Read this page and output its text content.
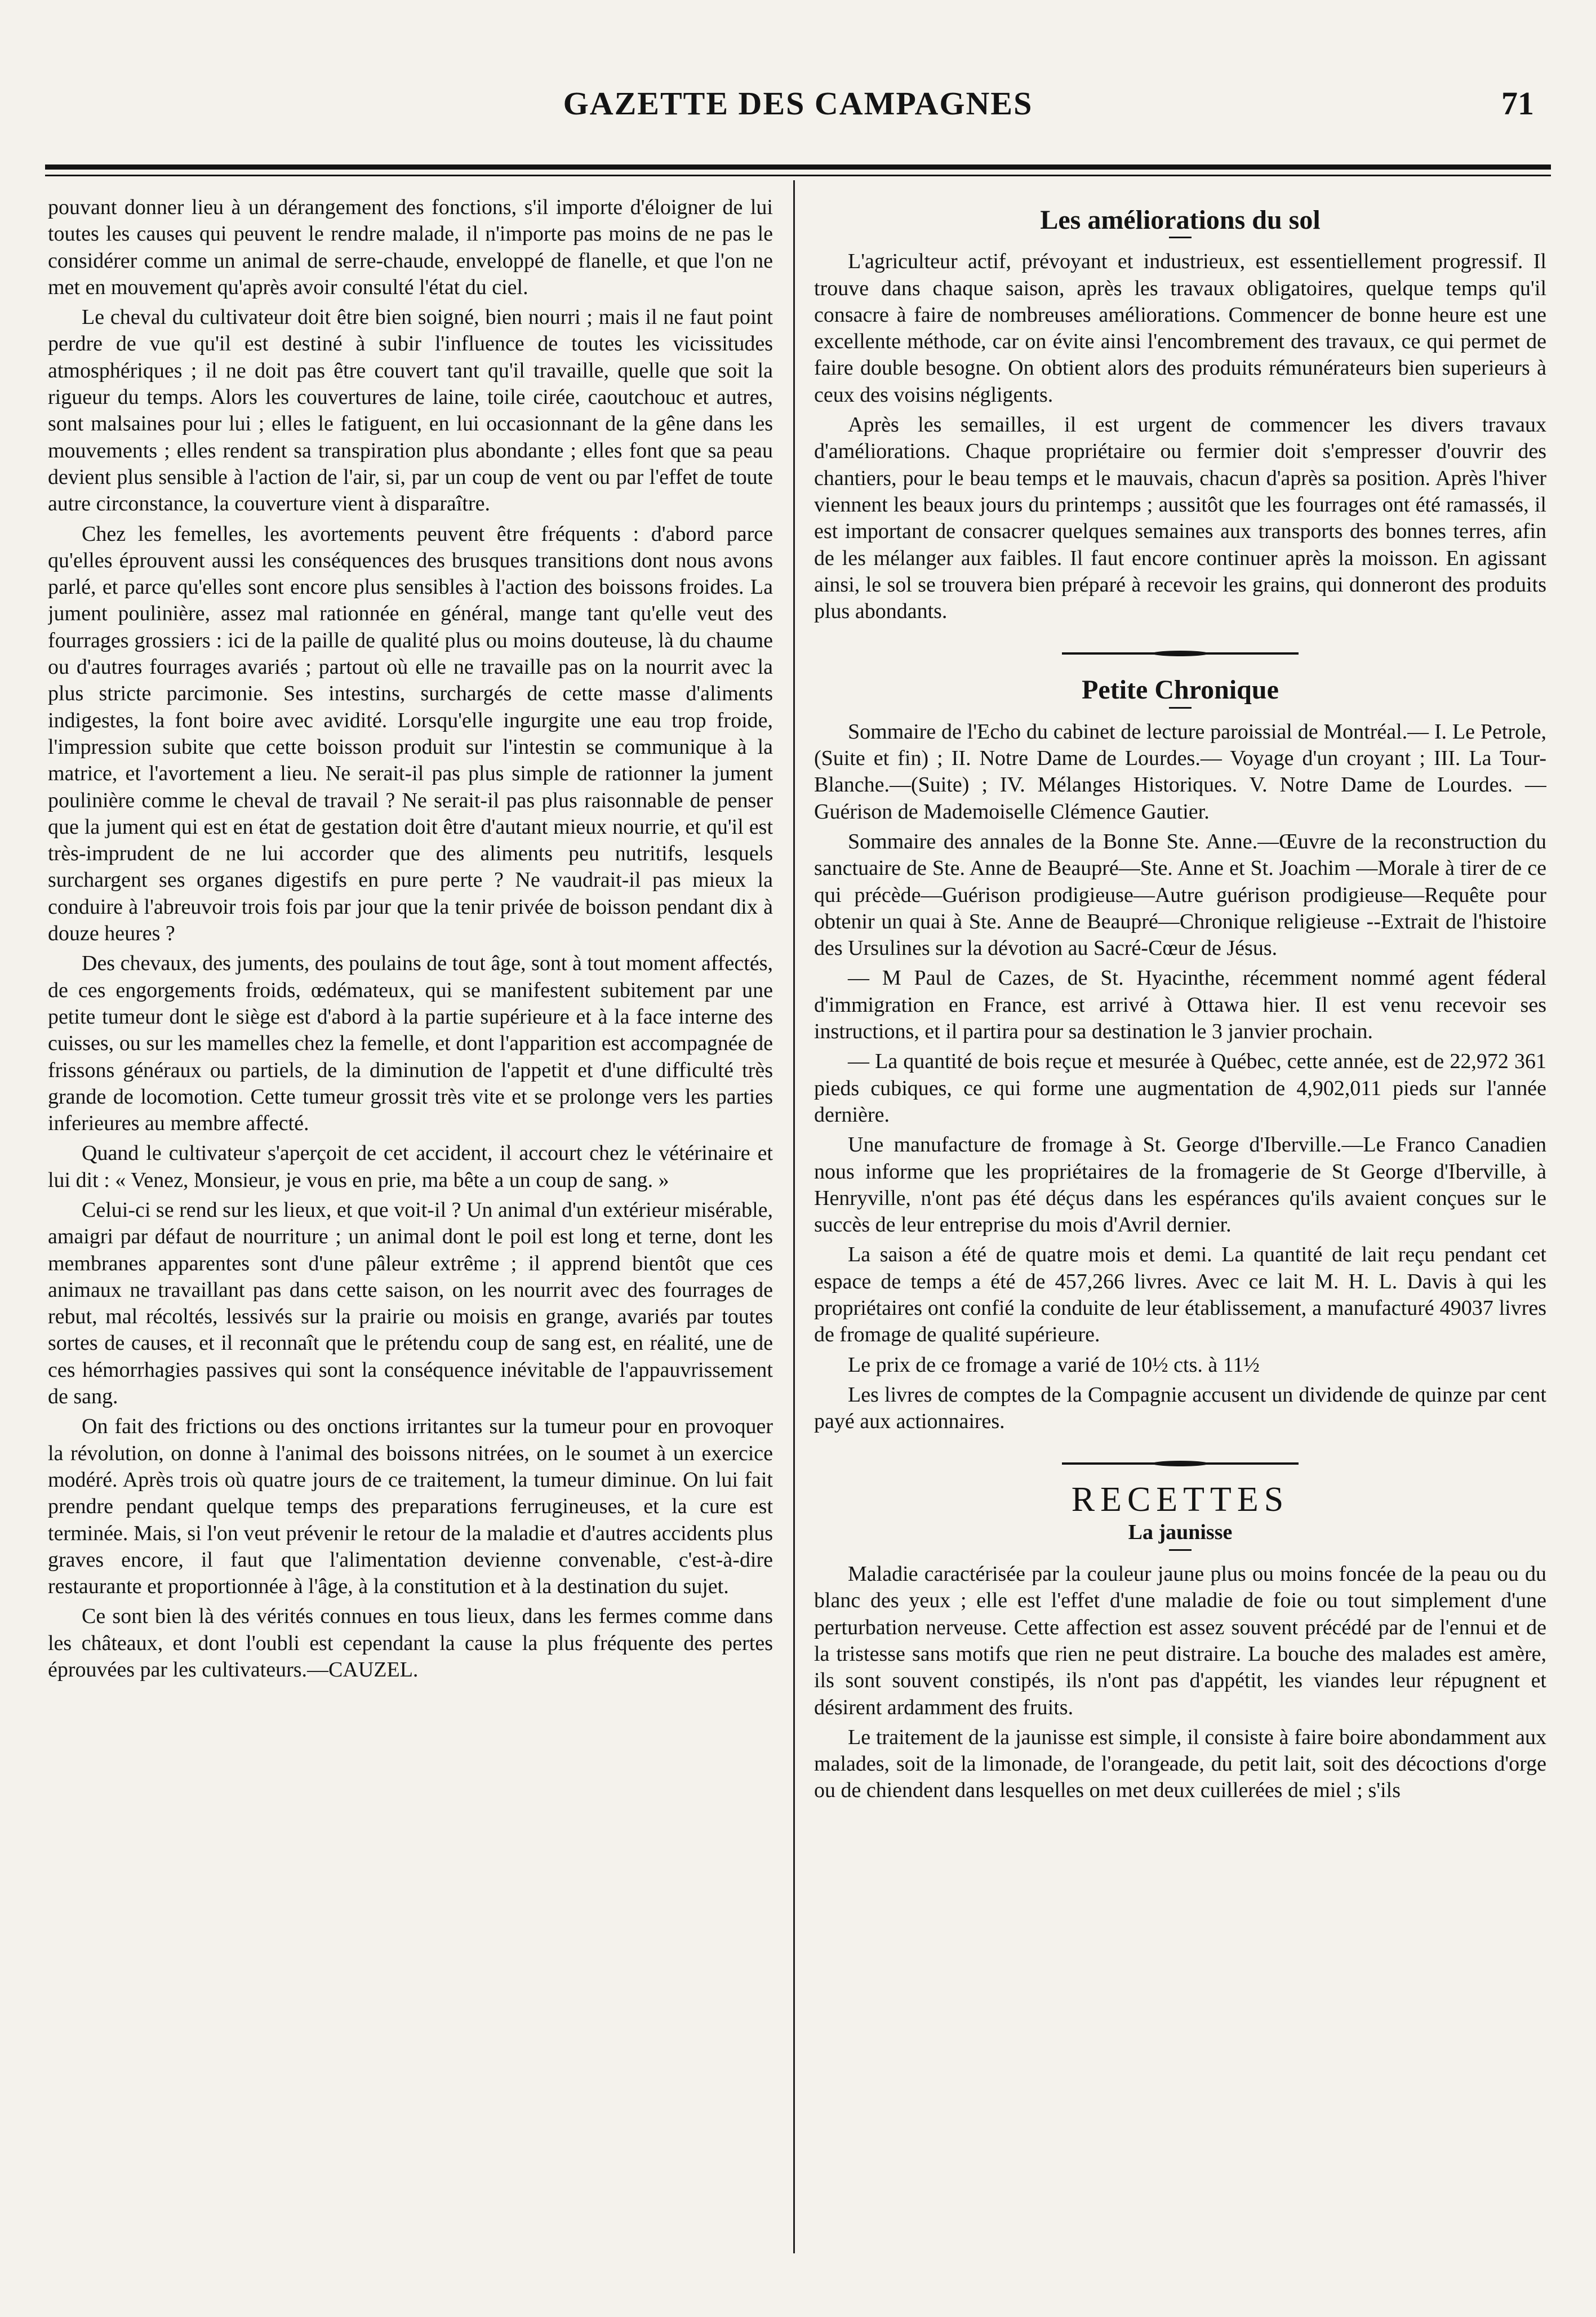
GAZETTE DES CAMPAGNES	71

pouvant donner lieu à un dérangement des fonctions, s'il importe d'éloigner de lui toutes les causes qui peuvent le rendre malade, il n'importe pas moins de ne pas le considérer comme un animal de serre-chaude, enveloppé de flanelle, et que l'on ne met en mouvement qu'après avoir consulté l'état du ciel.

Le cheval du cultivateur doit être bien soigné, bien nourri ; mais il ne faut point perdre de vue qu'il est destiné à subir l'influence de toutes les vicissitudes atmosphériques ; il ne doit pas être couvert tant qu'il travaille, quelle que soit la rigueur du temps. Alors les couvertures de laine, toile cirée, caoutchouc et autres, sont malsaines pour lui ; elles le fatiguent, en lui occasionnant de la gêne dans les mouvements ; elles rendent sa transpiration plus abondante ; elles font que sa peau devient plus sensible à l'action de l'air, si, par un coup de vent ou par l'effet de toute autre circonstance, la couverture vient à disparaître.

Chez les femelles, les avortements peuvent être fréquents : d'abord parce qu'elles éprouvent aussi les conséquences des brusques transitions dont nous avons parlé, et parce qu'elles sont encore plus sensibles à l'action des boissons froides. La jument poulinière, assez mal rationnée en général, mange tant qu'elle veut des fourrages grossiers : ici de la paille de qualité plus ou moins douteuse, là du chaume ou d'autres fourrages avariés ; partout où elle ne travaille pas on la nourrit avec la plus stricte parcimonie. Ses intestins, surchargés de cette masse d'aliments indigestes, la font boire avec avidité. Lorsqu'elle ingurgite une eau trop froide, l'impression subite que cette boisson produit sur l'intestin se communique à la matrice, et l'avortement a lieu. Ne serait-il pas plus simple de rationner la jument poulinière comme le cheval de travail ? Ne serait-il pas plus raisonnable de penser que la jument qui est en état de gestation doit être d'autant mieux nourrie, et qu'il est très-imprudent de ne lui accorder que des aliments peu nutritifs, lesquels surchargent ses organes digestifs en pure perte ? Ne vaudrait-il pas mieux la conduire à l'abreuvoir trois fois par jour que la tenir privée de boisson pendant dix à douze heures ?

Des chevaux, des juments, des poulains de tout âge, sont à tout moment affectés, de ces engorgements froids, œdémateux, qui se manifestent subitement par une petite tumeur dont le siège est d'abord à la partie supérieure et à la face interne des cuisses, ou sur les mamelles chez la femelle, et dont l'apparition est accompagnée de frissons généraux ou partiels, de la diminution de l'appetit et d'une difficulté très grande de locomotion. Cette tumeur grossit très vite et se prolonge vers les parties inferieures au membre affecté.

Quand le cultivateur s'aperçoit de cet accident, il accourt chez le vétérinaire et lui dit : « Venez, Monsieur, je vous en prie, ma bête a un coup de sang. »

Celui-ci se rend sur les lieux, et que voit-il ? Un animal d'un extérieur misérable, amaigri par défaut de nourriture ; un animal dont le poil est long et terne, dont les membranes apparentes sont d'une pâleur extrême ; il apprend bientôt que ces animaux ne travaillant pas dans cette saison, on les nourrit avec des fourrages de rebut, mal récoltés, lessivés sur la prairie ou moisis en grange, avariés par toutes sortes de causes, et il reconnaît que le prétendu coup de sang est, en réalité, une de ces hémorrhagies passives qui sont la conséquence inévitable de l'appauvrissement de sang.

On fait des frictions ou des onctions irritantes sur la tumeur pour en provoquer la révolution, on donne à l'animal des boissons nitrées, on le soumet à un exercice modéré. Après trois où quatre jours de ce traitement, la tumeur diminue. On lui fait prendre pendant quelque temps des preparations ferrugineuses, et la cure est terminée. Mais, si l'on veut prévenir le retour de la maladie et d'autres accidents plus graves encore, il faut que l'alimentation devienne convenable, c'est-à-dire restaurante et proportionnée à l'âge, à la constitution et à la destination du sujet.

Ce sont bien là des vérités connues en tous lieux, dans les fermes comme dans les châteaux, et dont l'oubli est cependant la cause la plus fréquente des pertes éprouvées par les cultivateurs.—CAUZEL.

Les améliorations du sol

L'agriculteur actif, prévoyant et industrieux, est essentiellement progressif. Il trouve dans chaque saison, après les travaux obligatoires, quelque temps qu'il consacre à faire de nombreuses améliorations. Commencer de bonne heure est une excellente méthode, car on évite ainsi l'encombrement des travaux, ce qui permet de faire double besogne. On obtient alors des produits rémunérateurs bien superieurs à ceux des voisins négligents.

Après les semailles, il est urgent de commencer les divers travaux d'améliorations. Chaque propriétaire ou fermier doit s'empresser d'ouvrir des chantiers, pour le beau temps et le mauvais, chacun d'après sa position. Après l'hiver viennent les beaux jours du printemps ; aussitôt que les fourrages ont été ramassés, il est important de consacrer quelques semaines aux transports des bonnes terres, afin de les mélanger aux faibles. Il faut encore continuer après la moisson. En agissant ainsi, le sol se trouvera bien préparé à recevoir les grains, qui donneront des produits plus abondants.

Petite Chronique

Sommaire de l'Echo du cabinet de lecture paroissial de Montréal.— I. Le Petrole, (Suite et fin) ; II. Notre Dame de Lourdes.— Voyage d'un croyant ; III. La Tour-Blanche.—(Suite) ; IV. Mélanges Historiques. V. Notre Dame de Lourdes. —Guérison de Mademoiselle Clémence Gautier.

Sommaire des annales de la Bonne Ste. Anne.—Œuvre de la reconstruction du sanctuaire de Ste. Anne de Beaupré—Ste. Anne et St. Joachim —Morale à tirer de ce qui précède—Guérison prodigieuse—Autre guérison prodigieuse—Requête pour obtenir un quai à Ste. Anne de Beaupré—Chronique religieuse --Extrait de l'histoire des Ursulines sur la dévotion au Sacré-Cœur de Jésus.

— M Paul de Cazes, de St. Hyacinthe, récemment nommé agent féderal d'immigration en France, est arrivé à Ottawa hier. Il est venu recevoir ses instructions, et il partira pour sa destination le 3 janvier prochain.

— La quantité de bois reçue et mesurée à Québec, cette année, est de 22,972 361 pieds cubiques, ce qui forme une augmentation de 4,902,011 pieds sur l'année dernière.

Une manufacture de fromage à St. George d'Iberville.—Le Franco Canadien nous informe que les propriétaires de la fromagerie de St George d'Iberville, à Henryville, n'ont pas été déçus dans les espérances qu'ils avaient conçues sur le succès de leur entreprise du mois d'Avril dernier.

La saison a été de quatre mois et demi. La quantité de lait reçu pendant cet espace de temps a été de 457,266 livres. Avec ce lait M. H. L. Davis à qui les propriétaires ont confié la conduite de leur établissement, a manufacturé 49037 livres de fromage de qualité supérieure.

Le prix de ce fromage a varié de 10½ cts. à 11½

Les livres de comptes de la Compagnie accusent un dividende de quinze par cent payé aux actionnaires.

RECETTES
La jaunisse

Maladie caractérisée par la couleur jaune plus ou moins foncée de la peau ou du blanc des yeux ; elle est l'effet d'une maladie de foie ou tout simplement d'une perturbation nerveuse. Cette affection est assez souvent précédé par de l'ennui et de la tristesse sans motifs que rien ne peut distraire. La bouche des malades est amère, ils sont souvent constipés, ils n'ont pas d'appétit, les viandes leur répugnent et désirent ardamment des fruits.

Le traitement de la jaunisse est simple, il consiste à faire boire abondamment aux malades, soit de la limonade, de l'orangeade, du petit lait, soit des décoctions d'orge ou de chiendent dans lesquelles on met deux cuillerées de miel ; s'ils
